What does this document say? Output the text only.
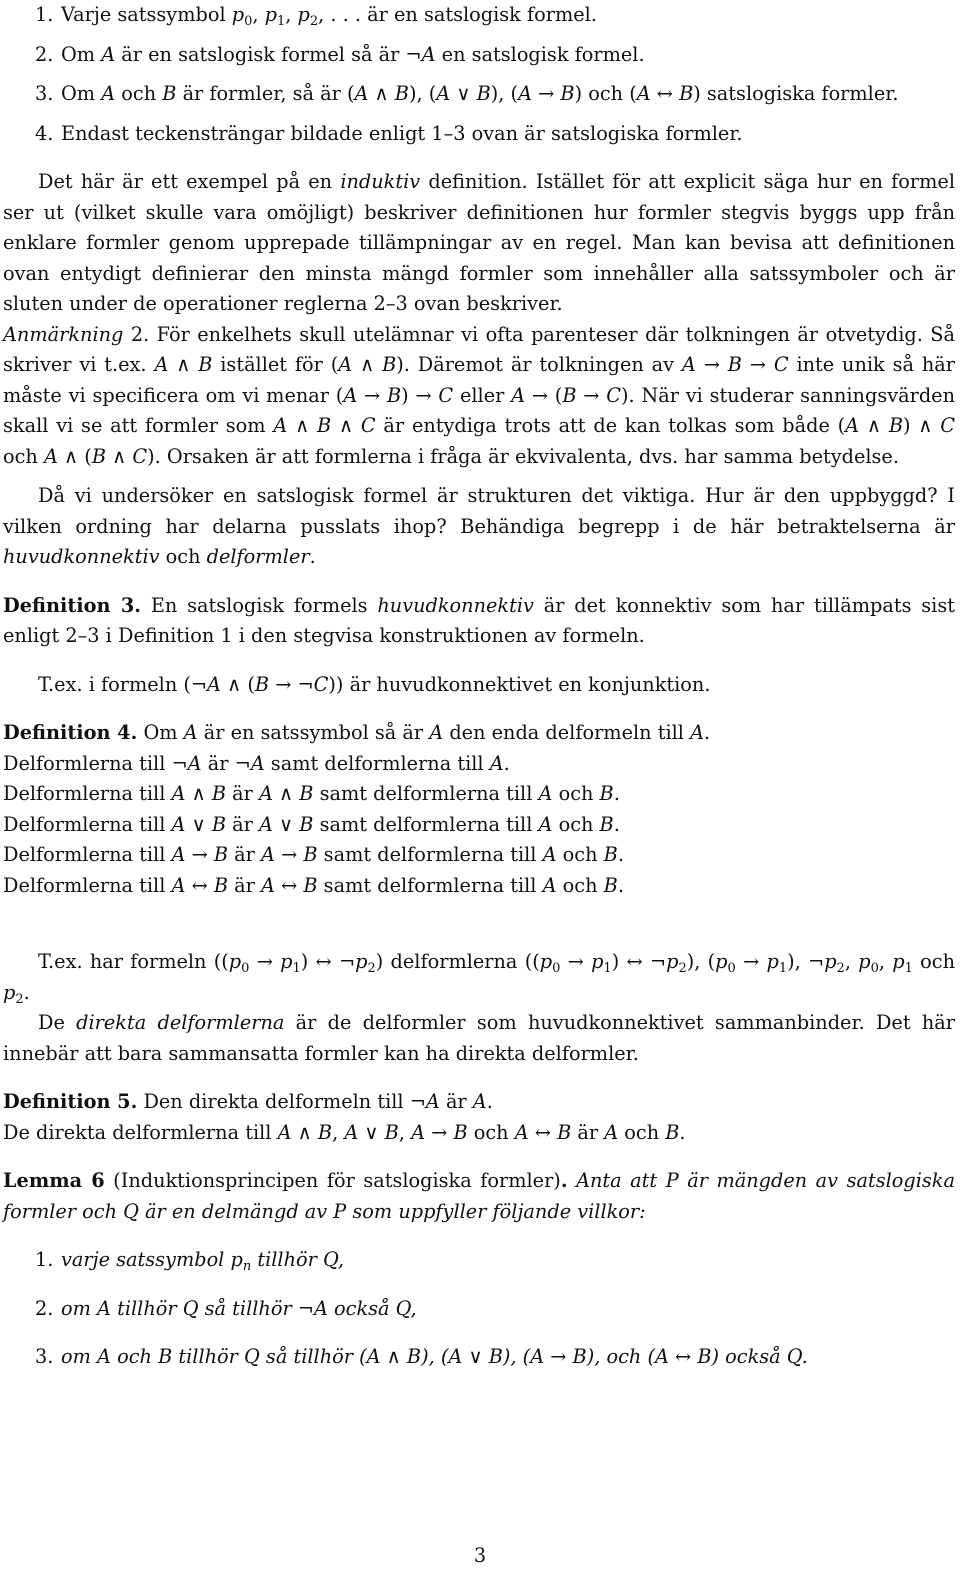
1. Varje satssymbol $p_0$, $p_1$, $p_2$, . . . är en satslogisk formel.
2. Om A är en satslogisk formel så är ¬A en satslogisk formel.
3. Om A och B är formler, så är (A ∧ B), (A ∨ B), (A → B) och (A ↔ B) satslogiska formler.
4. Endast teckensträngar bildade enligt 1–3 ovan är satslogiska formler.

Det här är ett exempel på en induktiv definition. Istället för att explicit säga hur en formel ser ut (vilket skulle vara omöjligt) beskriver definitionen hur formler stegvis byggs upp från enklare formler genom upprepade tillämpningar av en regel. Man kan bevisa att definitionen ovan entydigt definierar den minsta mängd formler som innehåller alla satssymboler och är sluten under de operationer reglerna 2–3 ovan beskriver.

Anmärkning 2. För enkelhets skull utelämnar vi ofta parenteser där tolkningen är otvetydig. Så skriver vi t.ex. A ∧ B istället för (A ∧ B). Däremot är tolkningen av A → B → C inte unik så här måste vi specificera om vi menar (A → B) → C eller A → (B → C). När vi studerar sanningsvärden skall vi se att formler som A ∧ B ∧ C är entydiga trots att de kan tolkas som både (A ∧ B) ∧ C och A ∧ (B ∧ C). Orsaken är att formlerna i fråga är ekvivalenta, dvs. har samma betydelse.

Då vi undersöker en satslogisk formel är strukturen det viktiga. Hur är den uppbyggd? I vilken ordning har delarna pusslats ihop? Behändiga begrepp i de här betraktelserna är huvudkonnektiv och delformler.

Definition 3. En satslogisk formels huvudkonnektiv är det konnektiv som har tillämpats sist enligt 2–3 i Definition 1 i den stegvisa konstruktionen av formeln.

T.ex. i formeln (¬A ∧ (B → ¬C)) är huvudkonnektivet en konjunktion.

Definition 4. Om A är en satssymbol så är A den enda delformeln till A.

Delformlerna till ¬A är ¬A samt delformlerna till A.

Delformlerna till A ∧ B är A ∧ B samt delformlerna till A och B.

Delformlerna till A ∨ B är A ∨ B samt delformlerna till A och B.

Delformlerna till A → B är A → B samt delformlerna till A och B.

Delformlerna till A ↔ B är A ↔ B samt delformlerna till A och B.

T.ex. har formeln ($(p_0 \to p_1)$ ↔ $\neg p_2$) delformlerna ($(p_0 \to p_1)$ ↔ $\neg p_2$), $(p_0 \to p_1)$, $\neg p_2$, $p_0$, $p_1$ och $p_2$.

De direkta delformlerna är de delformler som huvudkonnektivet sammanbinder. Det här innebär att bara sammansatta formler kan ha direkta delformler.

Definition 5. Den direkta delformeln till ¬A är A.

De direkta delformlerna till A ∧ B, A ∨ B, A → B och A ↔ B är A och B.

Lemma 6 (Induktionsprincipen för satslogiska formler). Anta att P är mängden av satslogiska formler och Q är en delmängd av P som uppfyller följande villkor:

1. varje satssymbol $p_n$ tillhör Q,
2. om A tillhör Q så tillhör ¬A också Q,
3. om A och B tillhör Q så tillhör (A ∧ B), (A ∨ B), (A → B), och (A ↔ B) också Q.
3
